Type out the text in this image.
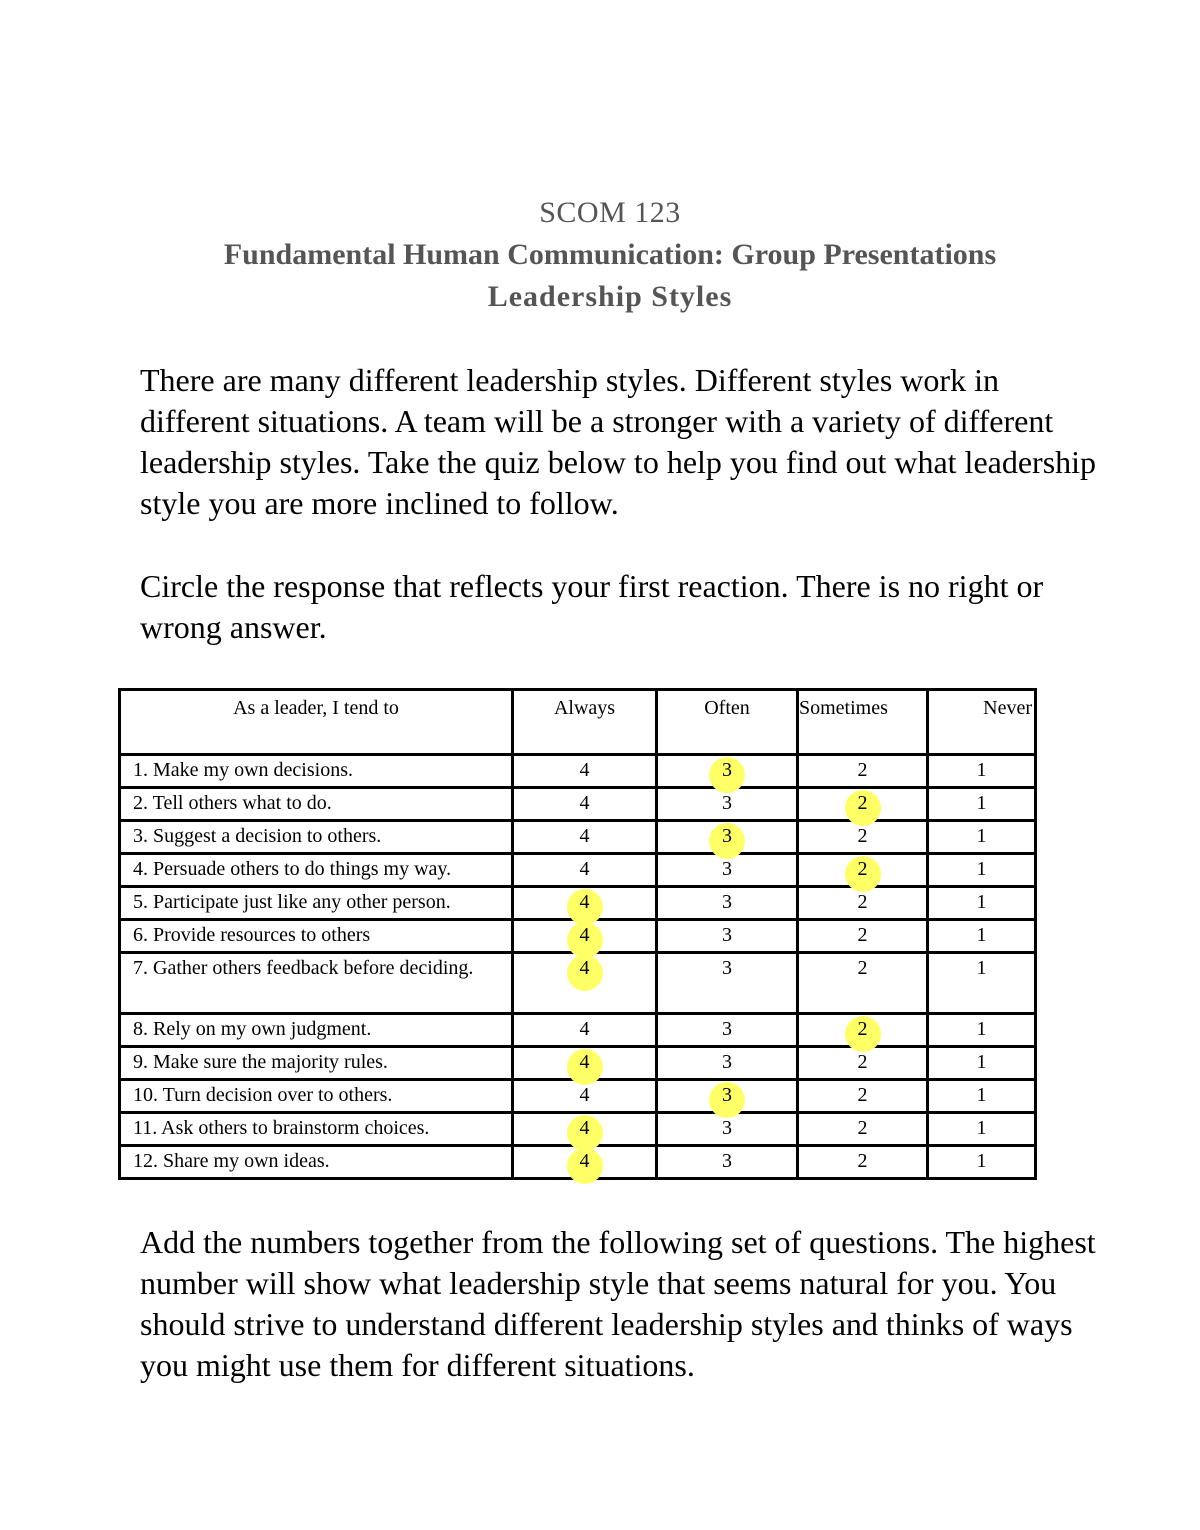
SCOM 123
Fundamental Human Communication: Group Presentations
Leadership Styles

There are many different leadership styles. Different styles work in different situations. A team will be a stronger with a variety of different leadership styles. Take the quiz below to help you find out what leadership style you are more inclined to follow.

Circle the response that reflects your first reaction. There is no right or wrong answer.

As a leader, I tend to	Always	Often	Sometimes	Never
1. Make my own decisions.	4	3	2	1
2. Tell others what to do.	4	3	2	1
3. Suggest a decision to others.	4	3	2	1
4. Persuade others to do things my way.	4	3	2	1
5. Participate just like any other person.	4	3	2	1
6. Provide resources to others	4	3	2	1
7. Gather others feedback before deciding.	4	3	2	1
8. Rely on my own judgment.	4	3	2	1
9. Make sure the majority rules.	4	3	2	1
10. Turn decision over to others.	4	3	2	1
11. Ask others to brainstorm choices.	4	3	2	1
12. Share my own ideas.	4	3	2	1

Add the numbers together from the following set of questions. The highest number will show what leadership style that seems natural for you. You should strive to understand different leadership styles and thinks of ways you might use them for different situations.
